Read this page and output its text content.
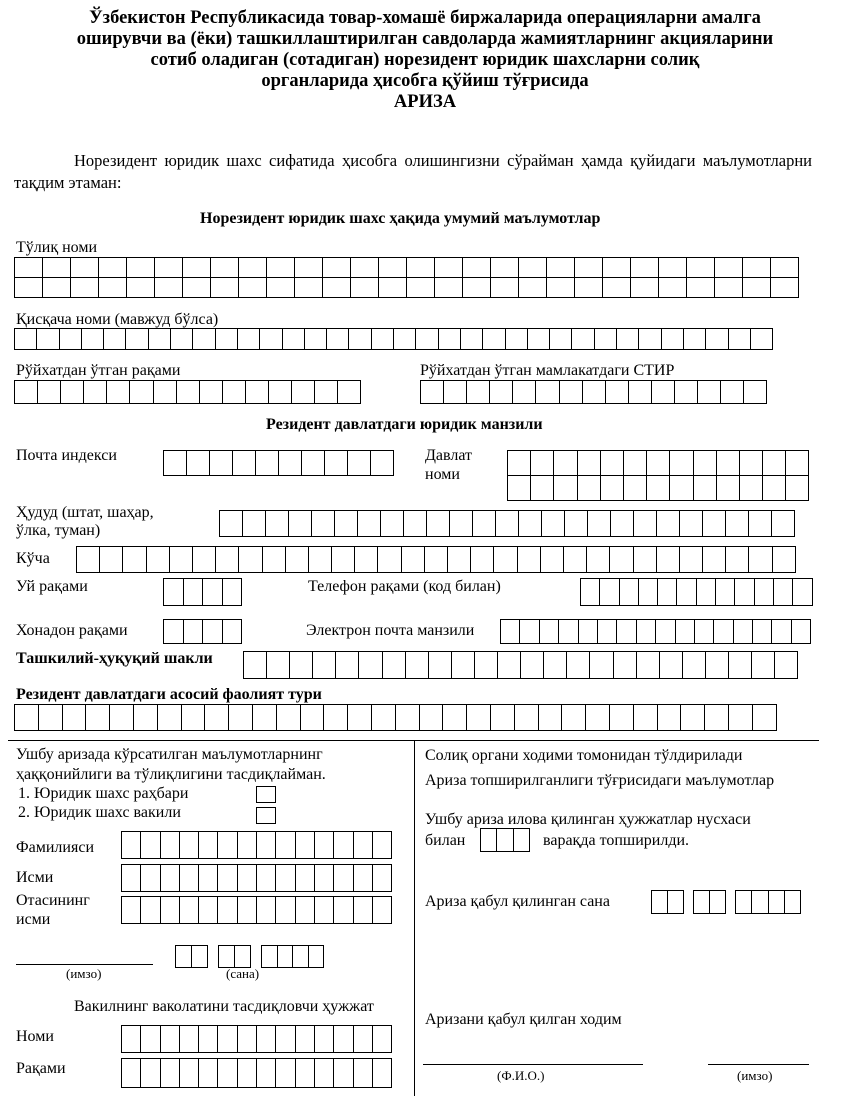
Ўзбекистон Республикасида товар-хомашё биржаларида операцияларни амалга
оширувчи ва (ёки) ташкиллаштирилган савдоларда жамиятларнинг акцияларини
сотиб оладиган (сотадиган) норезидент юридик шахсларни солиқ
органларида ҳисобга қўйиш тўғрисида
АРИЗА
Норезидент юридик шахс сифатида ҳисобга олишингизни сўрайман ҳамда қуйидаги маълумотларни тақдим этаман:
Норезидент юридик шахс ҳақида умумий маълумотлар
Тўлиқ номи
Қисқача номи (мавжуд бўлса)
Рўйхатдан ўтган рақами	Рўйхатдан ўтган мамлакатдаги СТИР
Резидент давлатдаги юридик манзили
Почта индекси	Давлат
номи
Ҳудуд (штат, шаҳар,
ўлка, туман)
Кўча
Уй рақами	Телефон рақами (код билан)
Хонадон рақами	Электрон почта манзили
Ташкилий-ҳуқуқий шакли
Резидент давлатдаги асосий фаолият тури
Ушбу аризада кўрсатилган маълумотларнинг
ҳаққонийлиги ва тўлиқлигини тасдиқлайман.
1. Юридик шахс раҳбари
2. Юридик шахс вакили
Фамилияси
Исми
Отасининг
исми
(имзо)	(сана)
Вакилнинг ваколатини тасдиқловчи ҳужжат
Номи
Рақами
Солиқ органи ходими томонидан тўлдирилади
Ариза топширилганлиги тўғрисидаги маълумотлар
Ушбу ариза илова қилинган ҳужжатлар нусхаси
билан	варақда топширилди.
Ариза қабул қилинган сана
Аризани қабул қилган ходим
(Ф.И.О.)	(имзо)
